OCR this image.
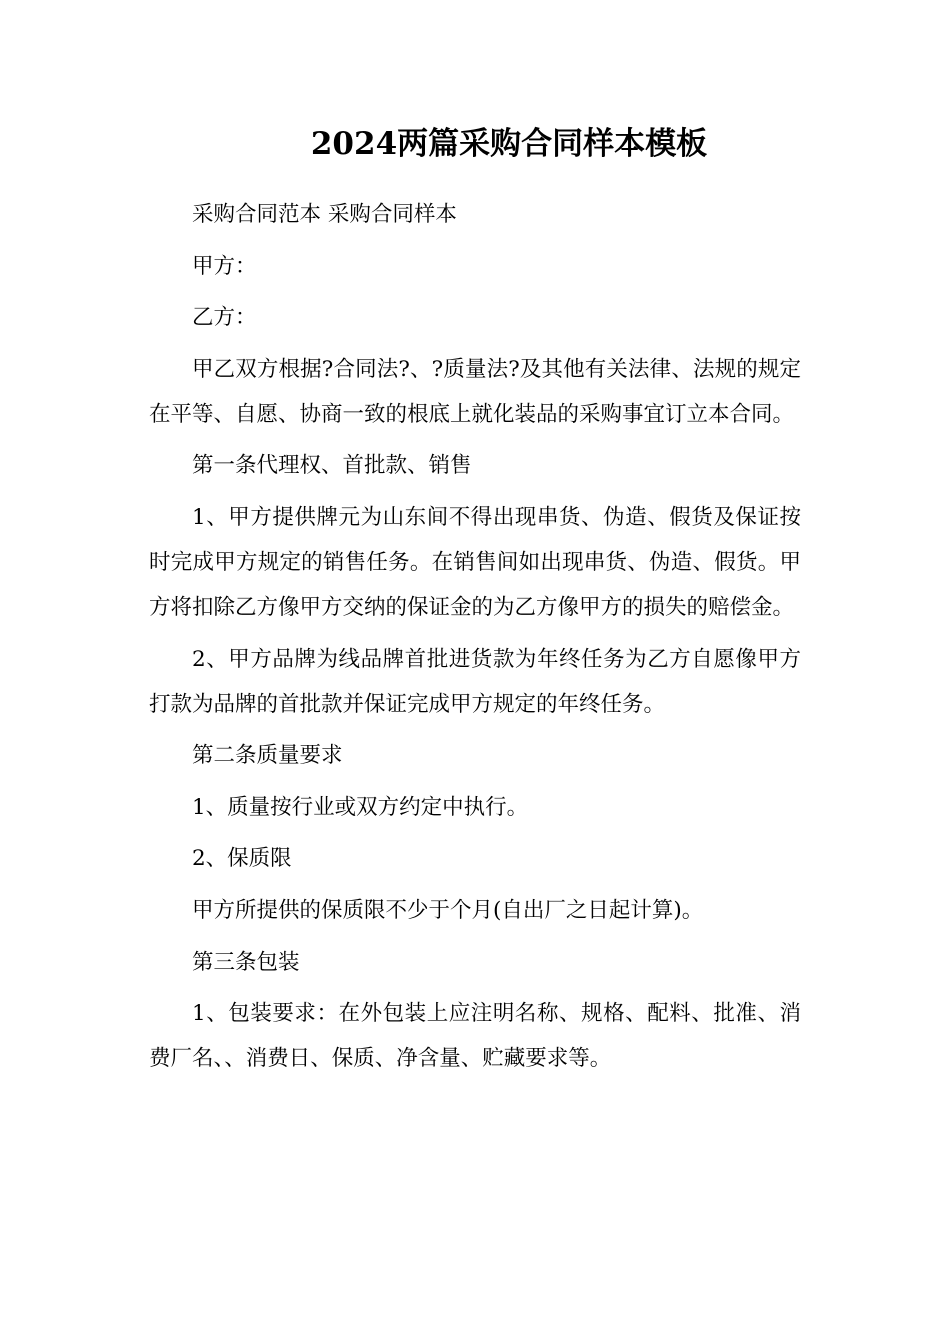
2024两篇采购合同样本模板

采购合同范本 采购合同样本

甲方：

乙方：

甲乙双方根据?合同法?、?质量法?及其他有关法律、法规的规定在平等、自愿、协商一致的根底上就化装品的采购事宜订立本合同。

第一条代理权、首批款、销售

1、甲方提供牌元为山东间不得出现串货、伪造、假货及保证按时完成甲方规定的销售任务。在销售间如出现串货、伪造、假货。甲方将扣除乙方像甲方交纳的保证金的为乙方像甲方的损失的赔偿金。

2、甲方品牌为线品牌首批进货款为年终任务为乙方自愿像甲方打款为品牌的首批款并保证完成甲方规定的年终任务。

第二条质量要求

1、质量按行业或双方约定中执行。

2、保质限

甲方所提供的保质限不少于个月(自出厂之日起计算)。

第三条包装

1、包装要求：在外包装上应注明名称、规格、配料、批准、消费厂名、、消费日、保质、净含量、贮藏要求等。
